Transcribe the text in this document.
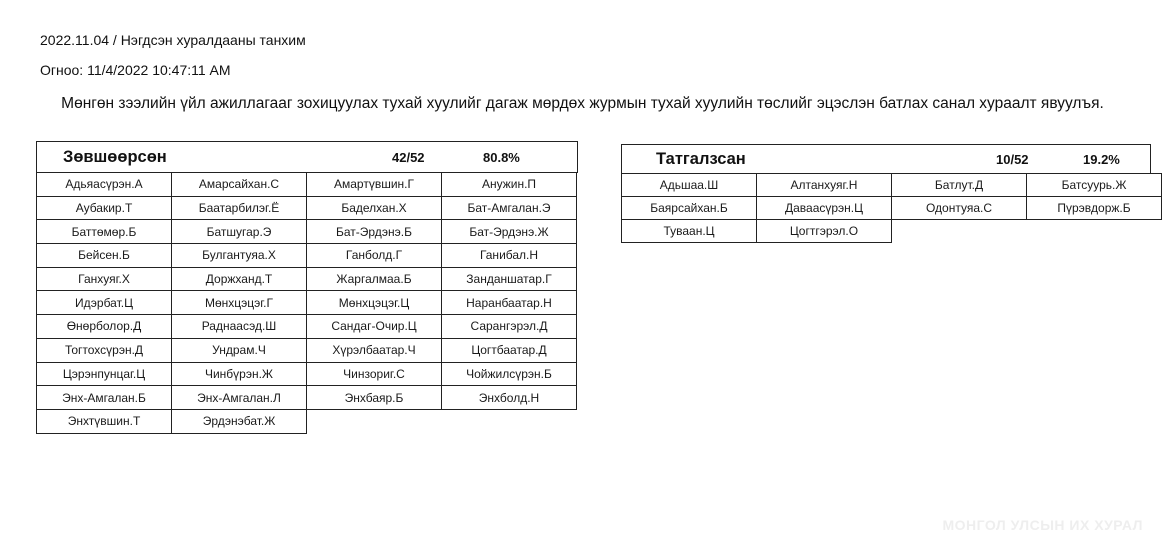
2022.11.04 / Нэгдсэн хуралдааны танхим
Огноо: 11/4/2022 10:47:11 AM
Мөнгөн зээлийн үйл ажиллагааг зохицуулах тухай хуулийг дагаж мөрдөх журмын тухай хуулийн төслийг эцэслэн батлах санал хураалт явуулъя.
Зөвшөөрсөн	42/52	80.8%
Адьяасүрэн.А	Амарсайхан.С	Амартүвшин.Г	Анужин.П
Аубакир.Т	Баатарбилэг.Ё	Баделхан.Х	Бат-Амгалан.Э
Баттөмөр.Б	Батшугар.Э	Бат-Эрдэнэ.Б	Бат-Эрдэнэ.Ж
Бейсен.Б	Булгантуяа.Х	Ганболд.Г	Ганибал.Н
Ганхуяг.Х	Доржханд.Т	Жаргалмаа.Б	Занданшатар.Г
Идэрбат.Ц	Мөнхцэцэг.Г	Мөнхцэцэг.Ц	Наранбаатар.Н
Өнөрболор.Д	Раднаасэд.Ш	Сандаг-Очир.Ц	Сарангэрэл.Д
Тогтохсүрэн.Д	Ундрам.Ч	Хүрэлбаатар.Ч	Цогтбаатар.Д
Цэрэнпунцаг.Ц	Чинбүрэн.Ж	Чинзориг.С	Чойжилсүрэн.Б
Энх-Амгалан.Б	Энх-Амгалан.Л	Энхбаяр.Б	Энхболд.Н
Энхтүвшин.Т	Эрдэнэбат.Ж
Татгалзсан	10/52	19.2%
Адьшаа.Ш	Алтанхуяг.Н	Батлут.Д	Батсуурь.Ж
Баярсайхан.Б	Даваасүрэн.Ц	Одонтуяа.С	Пүрэвдорж.Б
Туваан.Ц	Цогтгэрэл.О
МОНГОЛ УЛСЫН ИХ ХУРАЛ
